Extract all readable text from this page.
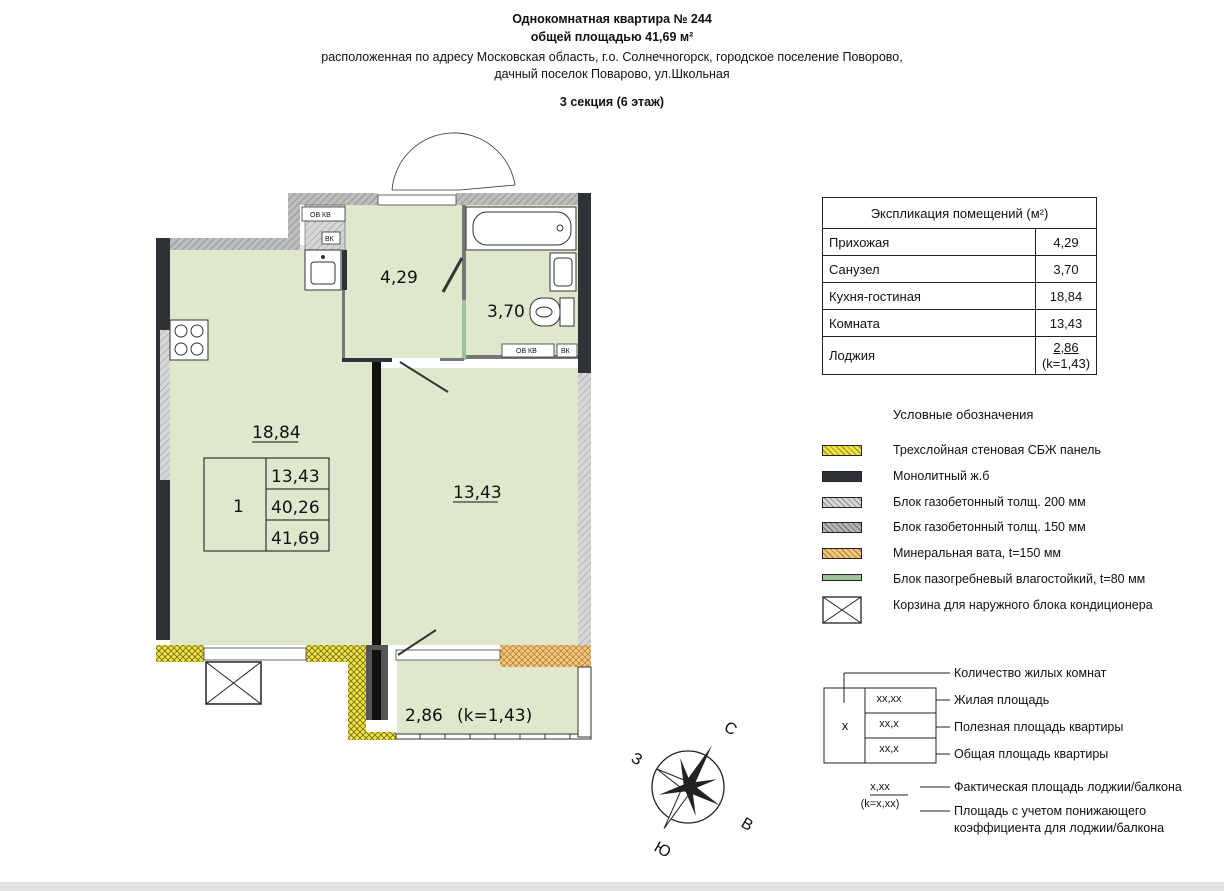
ОВ КВ
ВК
ОВ КВ	ВК
4,29
3,70
18,84
13,43
2,86 (k=1,43)
1
13,43
40,26
41,69
С
Ю
В
З
Однокомнатная квартира № 244
общей площадью 41,69 м²
расположенная по адресу Московская область, г.о. Солнечногорск, городское поселение Поворово,
дачный поселок Поварово, ул.Школьная
3 секция (6 этаж)
Экспликация помещений (м²)	
Прихожая	4,29
Санузел	3,70
Кухня-гостиная	18,84
Комната	13,43
Лоджия	2,86
(k=1,43)
Условные обозначения
Трехслойная стеновая СБЖ панель
Монолитный ж.б
Блок газобетонный толщ. 200 мм
Блок газобетонный толщ. 150 мм
Минеральная вата, t=150 мм
Блок пазогребневый влагостойкий, t=80 мм
Корзина для наружного блока кондиционера
х
хх,хх
хх,х
хх,х
х,хх
(k=х,хх)
Количество жилых комнат
Жилая площадь
Полезная площадь квартиры
Общая площадь квартиры
Фактическая площадь лоджии/балкона
Площадь с учетом понижающего
коэффициента для лоджии/балкона
